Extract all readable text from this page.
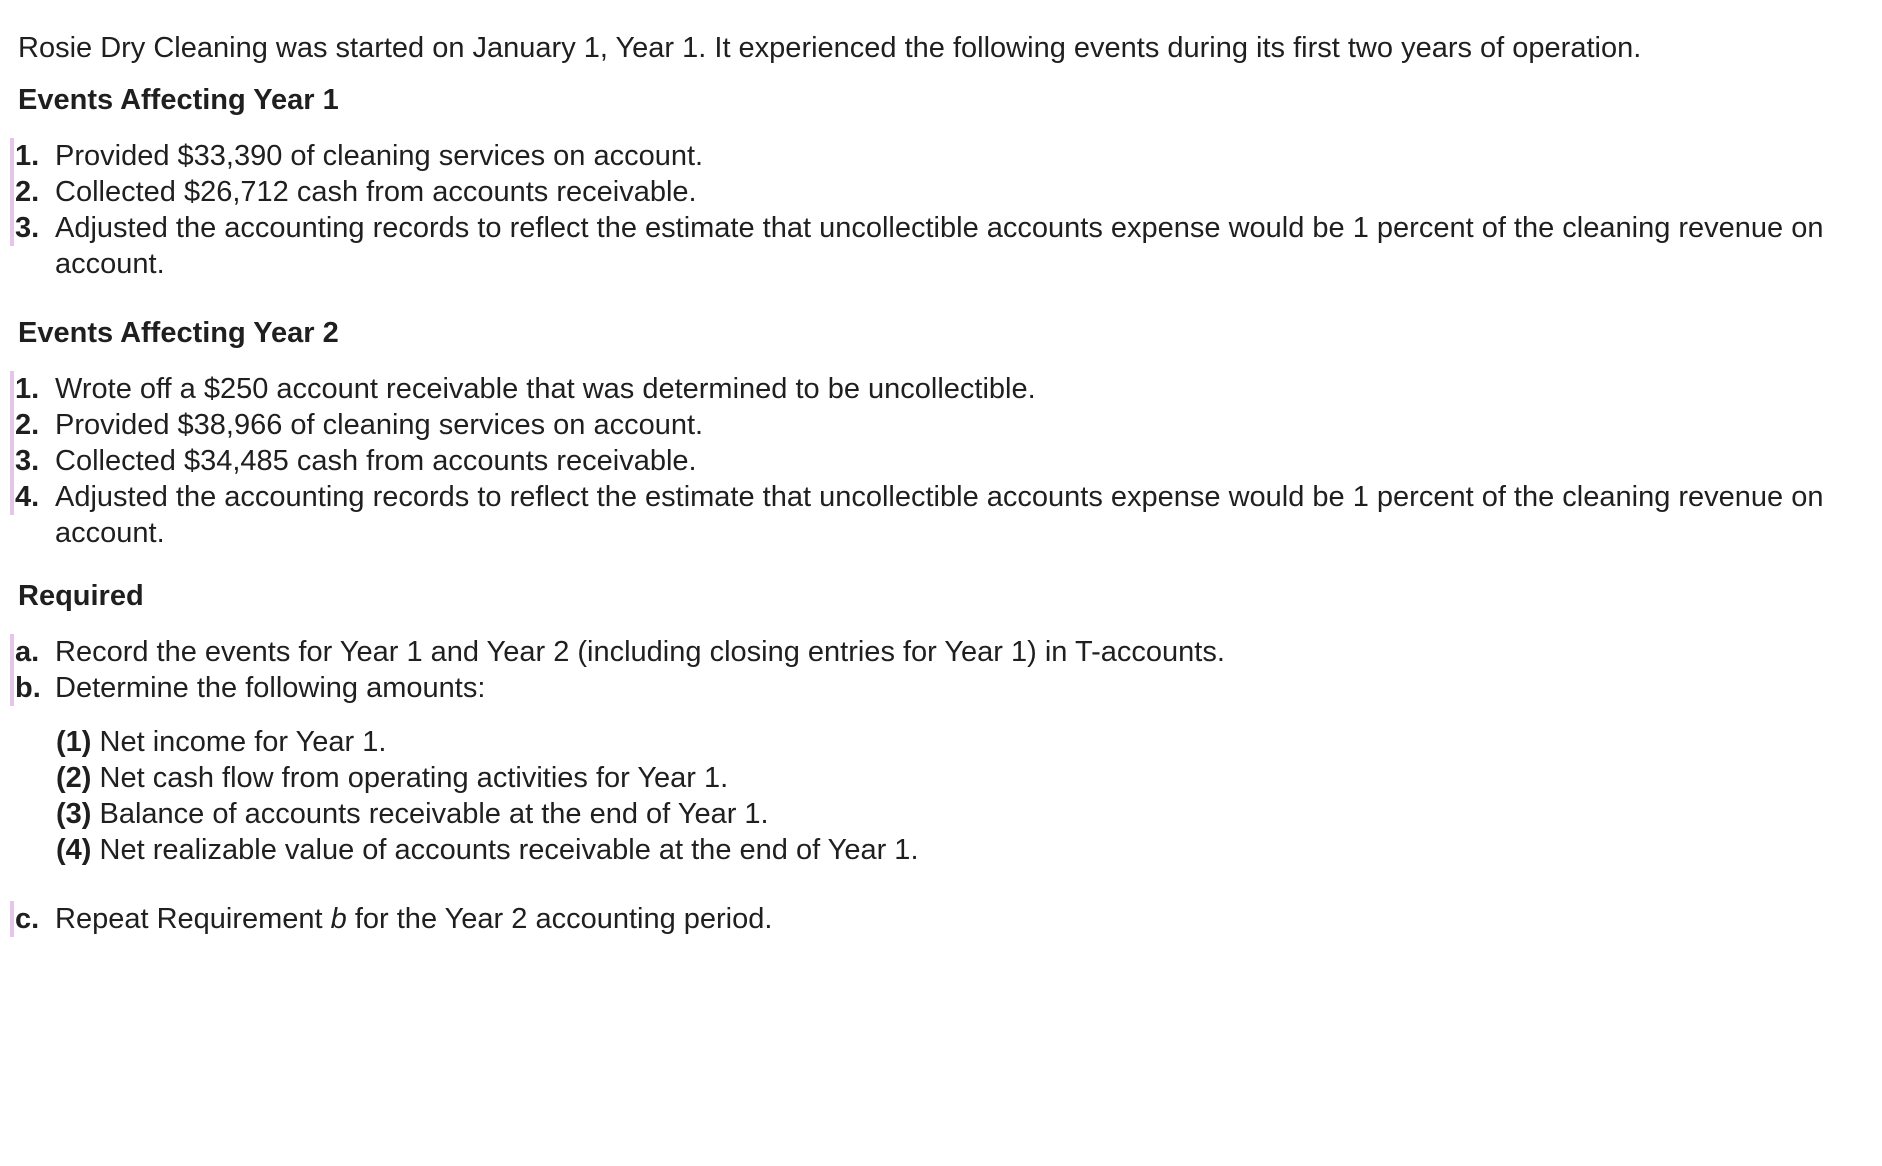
Rosie Dry Cleaning was started on January 1, Year 1. It experienced the following events during its first two years of operation.
Events Affecting Year 1
1. Provided $33,390 of cleaning services on account.
2. Collected $26,712 cash from accounts receivable.
3. Adjusted the accounting records to reflect the estimate that uncollectible accounts expense would be 1 percent of the cleaning revenue on account.
Events Affecting Year 2
1. Wrote off a $250 account receivable that was determined to be uncollectible.
2. Provided $38,966 of cleaning services on account.
3. Collected $34,485 cash from accounts receivable.
4. Adjusted the accounting records to reflect the estimate that uncollectible accounts expense would be 1 percent of the cleaning revenue on account.
Required
a. Record the events for Year 1 and Year 2 (including closing entries for Year 1) in T-accounts.
b. Determine the following amounts:
(1) Net income for Year 1.
(2) Net cash flow from operating activities for Year 1.
(3) Balance of accounts receivable at the end of Year 1.
(4) Net realizable value of accounts receivable at the end of Year 1.
c. Repeat Requirement b for the Year 2 accounting period.
